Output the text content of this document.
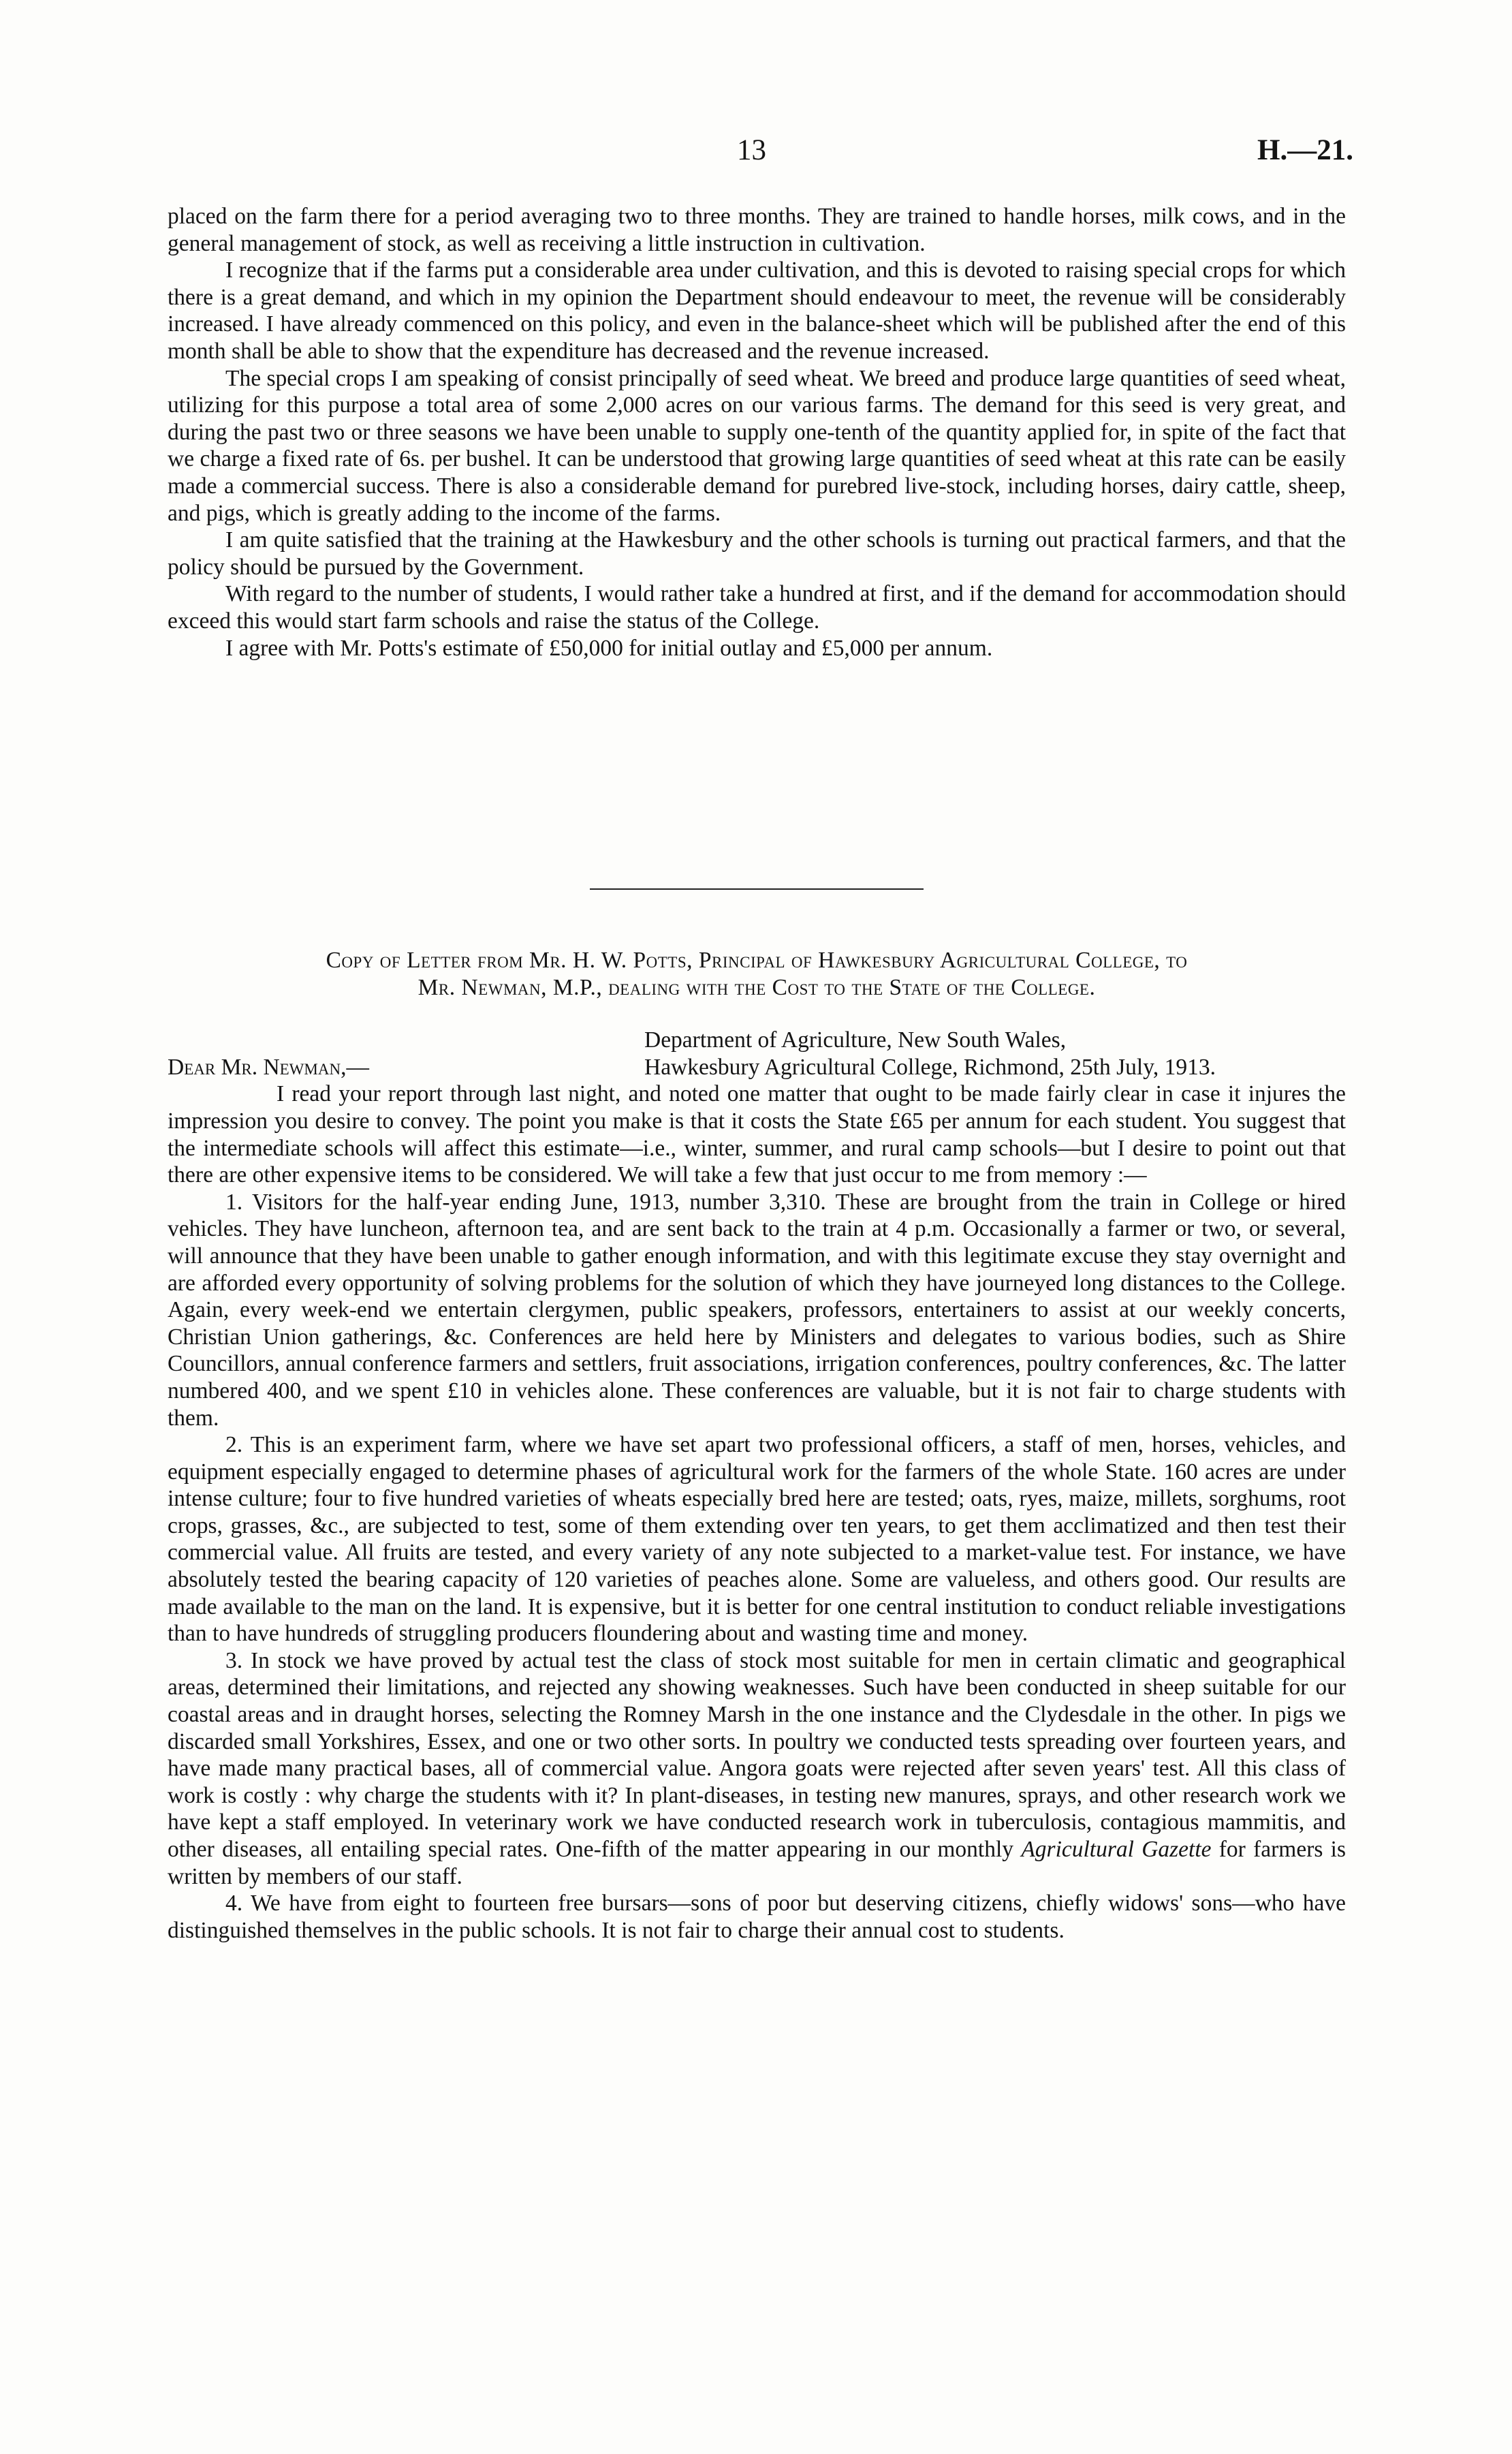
13	H.—21.

placed on the farm there for a period averaging two to three months. They are trained to handle horses, milk cows, and in the general management of stock, as well as receiving a little instruction in cultivation.

I recognize that if the farms put a considerable area under cultivation, and this is devoted to raising special crops for which there is a great demand, and which in my opinion the Department should endeavour to meet, the revenue will be considerably increased. I have already commenced on this policy, and even in the balance-sheet which will be published after the end of this month shall be able to show that the expenditure has decreased and the revenue increased.

The special crops I am speaking of consist principally of seed wheat. We breed and produce large quantities of seed wheat, utilizing for this purpose a total area of some 2,000 acres on our various farms. The demand for this seed is very great, and during the past two or three seasons we have been unable to supply one-tenth of the quantity applied for, in spite of the fact that we charge a fixed rate of 6s. per bushel. It can be understood that growing large quantities of seed wheat at this rate can be easily made a commercial success. There is also a considerable demand for purebred live-stock, including horses, dairy cattle, sheep, and pigs, which is greatly adding to the income of the farms.

I am quite satisfied that the training at the Hawkesbury and the other schools is turning out practical farmers, and that the policy should be pursued by the Government.

With regard to the number of students, I would rather take a hundred at first, and if the demand for accommodation should exceed this would start farm schools and raise the status of the College.

I agree with Mr. Potts's estimate of £50,000 for initial outlay and £5,000 per annum.

Copy of Letter from Mr. H. W. Potts, Principal of Hawkesbury Agricultural College, to

Mr. Newman, M.P., dealing with the Cost to the State of the College.

Department of Agriculture, New South Wales,

Dear Mr. Newman,—	Hawkesbury Agricultural College, Richmond, 25th July, 1913.

I read your report through last night, and noted one matter that ought to be made fairly clear in case it injures the impression you desire to convey. The point you make is that it costs the State £65 per annum for each student. You suggest that the intermediate schools will affect this estimate—i.e., winter, summer, and rural camp schools—but I desire to point out that there are other expensive items to be considered. We will take a few that just occur to me from memory :—

1. Visitors for the half-year ending June, 1913, number 3,310. These are brought from the train in College or hired vehicles. They have luncheon, afternoon tea, and are sent back to the train at 4 p.m. Occasionally a farmer or two, or several, will announce that they have been unable to gather enough information, and with this legitimate excuse they stay overnight and are afforded every opportunity of solving problems for the solution of which they have journeyed long distances to the College. Again, every week-end we entertain clergymen, public speakers, professors, entertainers to assist at our weekly concerts, Christian Union gatherings, &c. Conferences are held here by Ministers and delegates to various bodies, such as Shire Councillors, annual conference farmers and settlers, fruit associations, irrigation conferences, poultry conferences, &c. The latter numbered 400, and we spent £10 in vehicles alone. These conferences are valuable, but it is not fair to charge students with them.

2. This is an experiment farm, where we have set apart two professional officers, a staff of men, horses, vehicles, and equipment especially engaged to determine phases of agricultural work for the farmers of the whole State. 160 acres are under intense culture; four to five hundred varieties of wheats especially bred here are tested; oats, ryes, maize, millets, sorghums, root crops, grasses, &c., are subjected to test, some of them extending over ten years, to get them acclimatized and then test their commercial value. All fruits are tested, and every variety of any note subjected to a market-value test. For instance, we have absolutely tested the bearing capacity of 120 varieties of peaches alone. Some are valueless, and others good. Our results are made available to the man on the land. It is expensive, but it is better for one central institution to conduct reliable investigations than to have hundreds of struggling producers floundering about and wasting time and money.

3. In stock we have proved by actual test the class of stock most suitable for men in certain climatic and geographical areas, determined their limitations, and rejected any showing weaknesses. Such have been conducted in sheep suitable for our coastal areas and in draught horses, selecting the Romney Marsh in the one instance and the Clydesdale in the other. In pigs we discarded small Yorkshires, Essex, and one or two other sorts. In poultry we conducted tests spreading over fourteen years, and have made many practical bases, all of commercial value. Angora goats were rejected after seven years' test. All this class of work is costly : why charge the students with it? In plant-diseases, in testing new manures, sprays, and other research work we have kept a staff employed. In veterinary work we have conducted research work in tuberculosis, contagious mammitis, and other diseases, all entailing special rates. One-fifth of the matter appearing in our monthly Agricultural Gazette for farmers is written by members of our staff.

4. We have from eight to fourteen free bursars—sons of poor but deserving citizens, chiefly widows' sons—who have distinguished themselves in the public schools. It is not fair to charge their annual cost to students.
